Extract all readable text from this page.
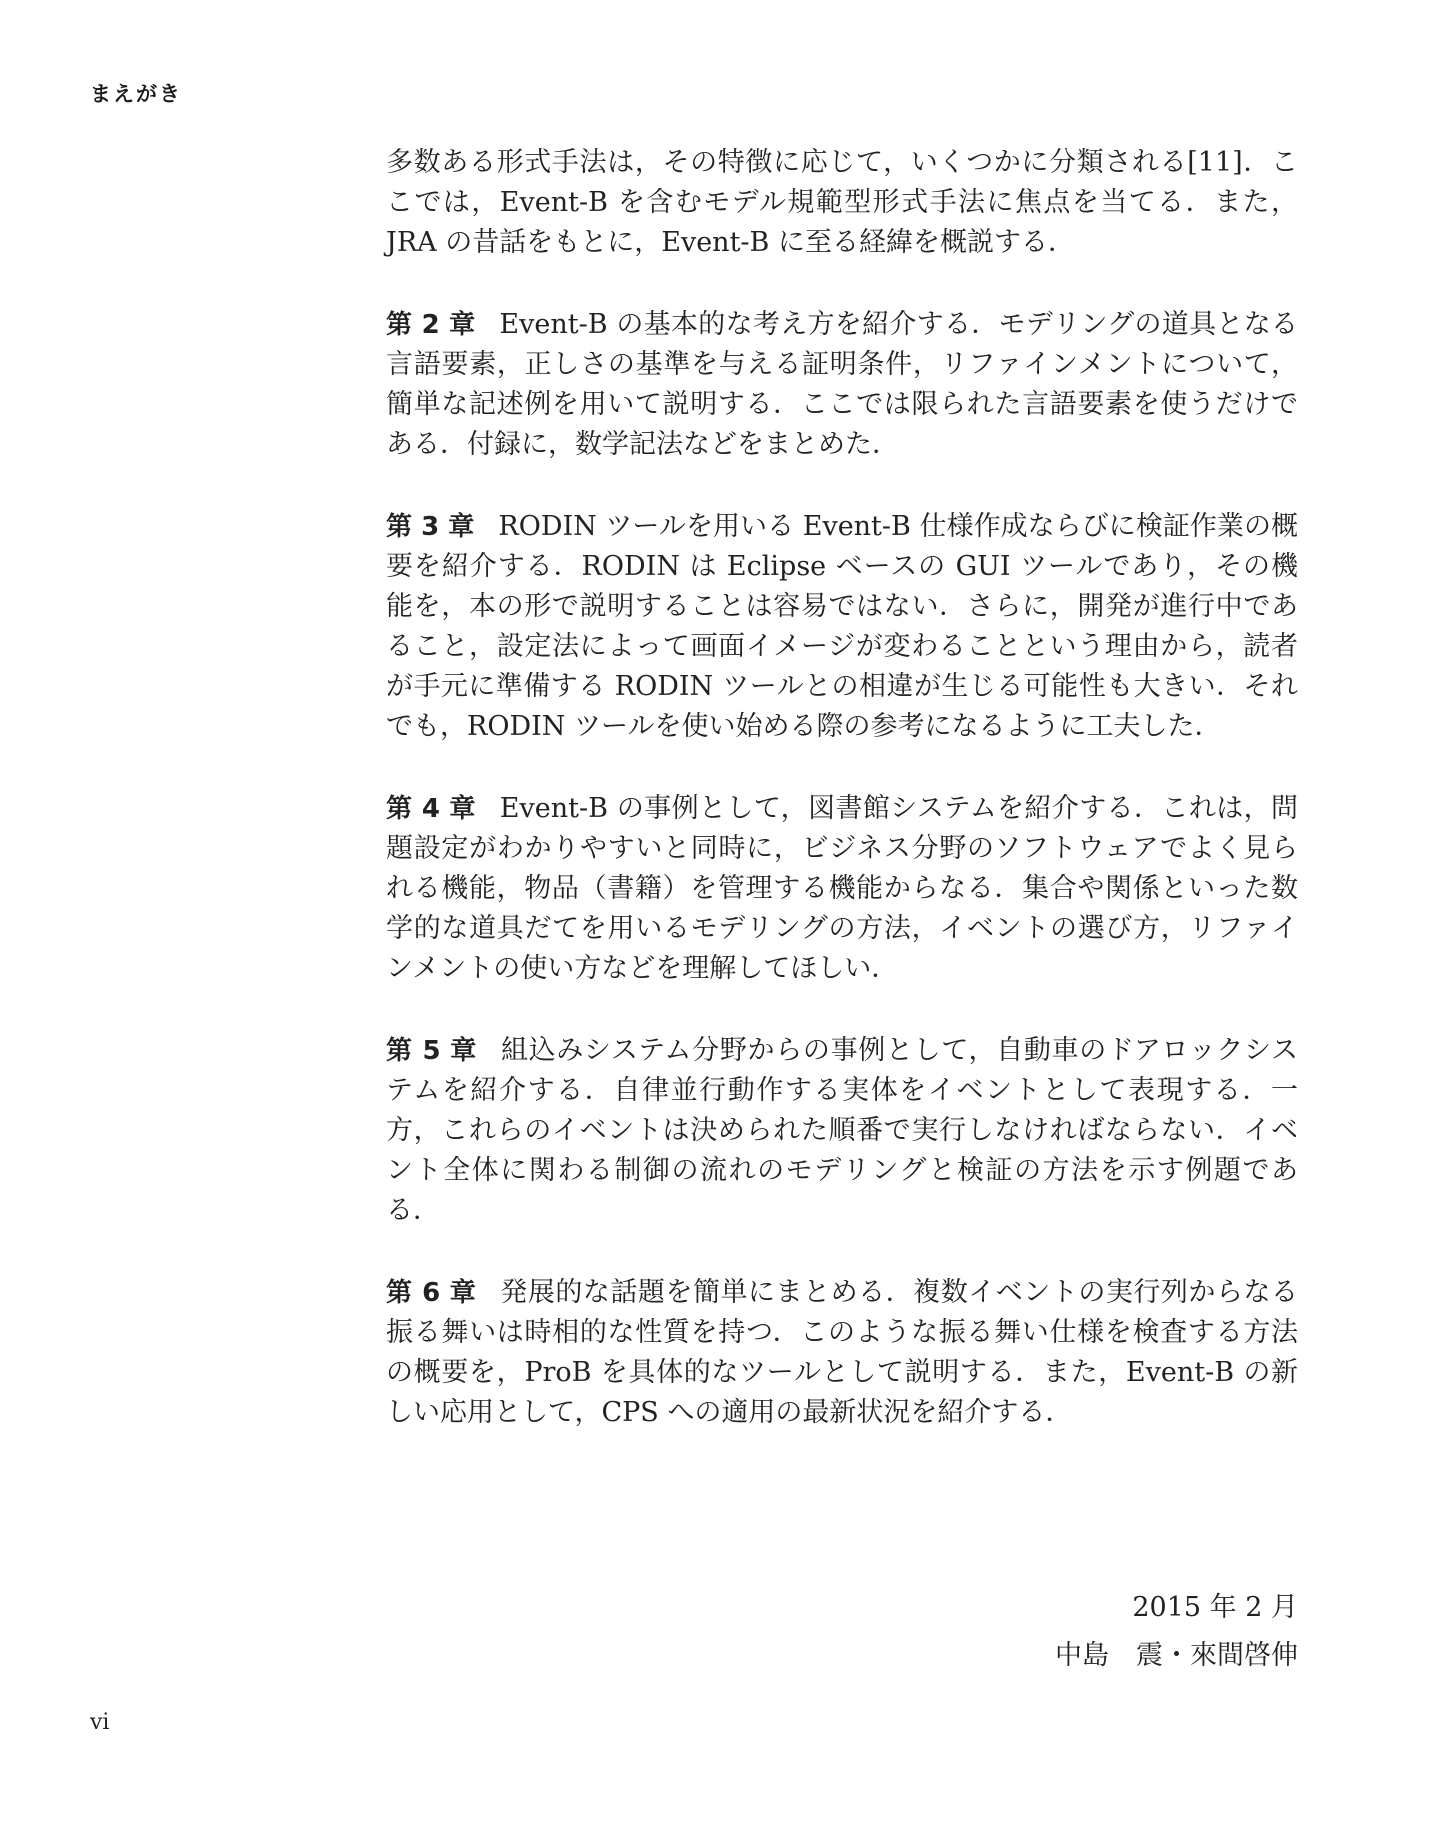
まえがき

多数ある形式手法は，その特徴に応じて，いくつかに分類される[11]．ここでは，Event-B を含むモデル規範型形式手法に焦点を当てる．また，JRA の昔話をもとに，Event-B に至る経緯を概説する．

第 2 章 Event-B の基本的な考え方を紹介する．モデリングの道具となる言語要素，正しさの基準を与える証明条件，リファインメントについて，簡単な記述例を用いて説明する．ここでは限られた言語要素を使うだけである．付録に，数学記法などをまとめた．

第 3 章 RODIN ツールを用いる Event-B 仕様作成ならびに検証作業の概要を紹介する．RODIN は Eclipse ベースの GUI ツールであり，その機能を，本の形で説明することは容易ではない．さらに，開発が進行中であること，設定法によって画面イメージが変わることという理由から，読者が手元に準備する RODIN ツールとの相違が生じる可能性も大きい．それでも，RODIN ツールを使い始める際の参考になるように工夫した．

第 4 章 Event-B の事例として，図書館システムを紹介する．これは，問題設定がわかりやすいと同時に，ビジネス分野のソフトウェアでよく見られる機能，物品（書籍）を管理する機能からなる．集合や関係といった数学的な道具だてを用いるモデリングの方法，イベントの選び方，リファインメントの使い方などを理解してほしい．

第 5 章 組込みシステム分野からの事例として，自動車のドアロックシステムを紹介する．自律並行動作する実体をイベントとして表現する．一方，これらのイベントは決められた順番で実行しなければならない．イベント全体に関わる制御の流れのモデリングと検証の方法を示す例題である．

第 6 章 発展的な話題を簡単にまとめる．複数イベントの実行列からなる振る舞いは時相的な性質を持つ．このような振る舞い仕様を検査する方法の概要を，ProB を具体的なツールとして説明する．また，Event-B の新しい応用として，CPS への適用の最新状況を紹介する．

2015 年 2 月
中島　震・來間啓伸
vi
